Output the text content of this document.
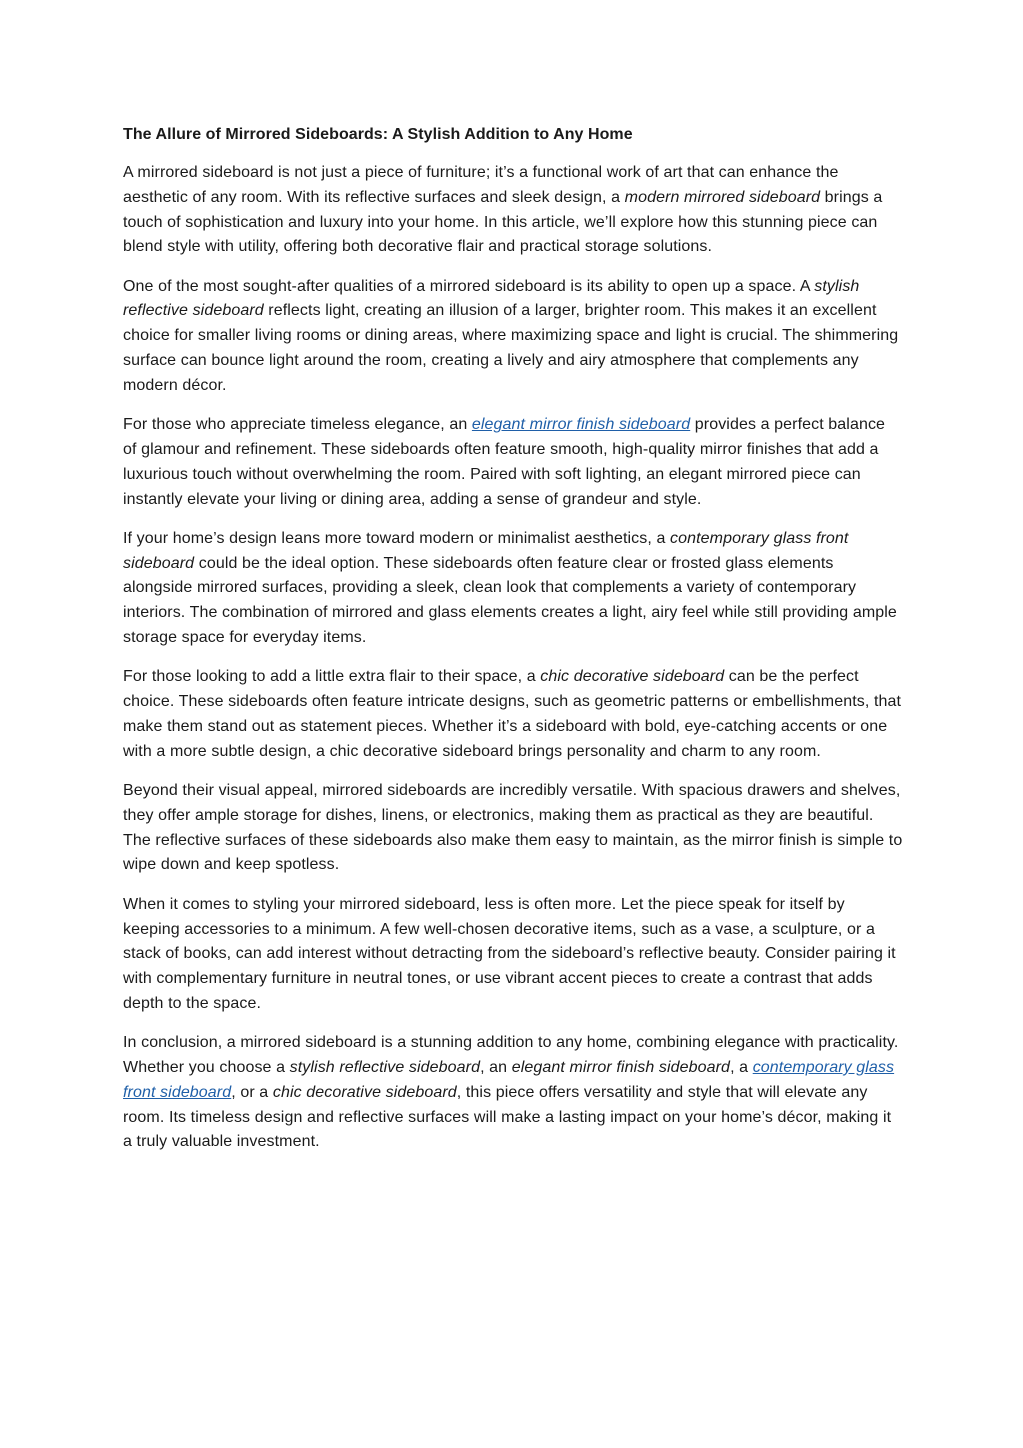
The Allure of Mirrored Sideboards: A Stylish Addition to Any Home

A mirrored sideboard is not just a piece of furniture; it’s a functional work of art that can enhance the aesthetic of any room. With its reflective surfaces and sleek design, a modern mirrored sideboard brings a touch of sophistication and luxury into your home. In this article, we’ll explore how this stunning piece can blend style with utility, offering both decorative flair and practical storage solutions.

One of the most sought-after qualities of a mirrored sideboard is its ability to open up a space. A stylish reflective sideboard reflects light, creating an illusion of a larger, brighter room. This makes it an excellent choice for smaller living rooms or dining areas, where maximizing space and light is crucial. The shimmering surface can bounce light around the room, creating a lively and airy atmosphere that complements any modern décor.

For those who appreciate timeless elegance, an elegant mirror finish sideboard provides a perfect balance of glamour and refinement. These sideboards often feature smooth, high-quality mirror finishes that add a luxurious touch without overwhelming the room. Paired with soft lighting, an elegant mirrored piece can instantly elevate your living or dining area, adding a sense of grandeur and style.

If your home’s design leans more toward modern or minimalist aesthetics, a contemporary glass front sideboard could be the ideal option. These sideboards often feature clear or frosted glass elements alongside mirrored surfaces, providing a sleek, clean look that complements a variety of contemporary interiors. The combination of mirrored and glass elements creates a light, airy feel while still providing ample storage space for everyday items.

For those looking to add a little extra flair to their space, a chic decorative sideboard can be the perfect choice. These sideboards often feature intricate designs, such as geometric patterns or embellishments, that make them stand out as statement pieces. Whether it’s a sideboard with bold, eye-catching accents or one with a more subtle design, a chic decorative sideboard brings personality and charm to any room.

Beyond their visual appeal, mirrored sideboards are incredibly versatile. With spacious drawers and shelves, they offer ample storage for dishes, linens, or electronics, making them as practical as they are beautiful. The reflective surfaces of these sideboards also make them easy to maintain, as the mirror finish is simple to wipe down and keep spotless.

When it comes to styling your mirrored sideboard, less is often more. Let the piece speak for itself by keeping accessories to a minimum. A few well-chosen decorative items, such as a vase, a sculpture, or a stack of books, can add interest without detracting from the sideboard’s reflective beauty. Consider pairing it with complementary furniture in neutral tones, or use vibrant accent pieces to create a contrast that adds depth to the space.

In conclusion, a mirrored sideboard is a stunning addition to any home, combining elegance with practicality. Whether you choose a stylish reflective sideboard, an elegant mirror finish sideboard, a contemporary glass front sideboard, or a chic decorative sideboard, this piece offers versatility and style that will elevate any room. Its timeless design and reflective surfaces will make a lasting impact on your home’s décor, making it a truly valuable investment.
